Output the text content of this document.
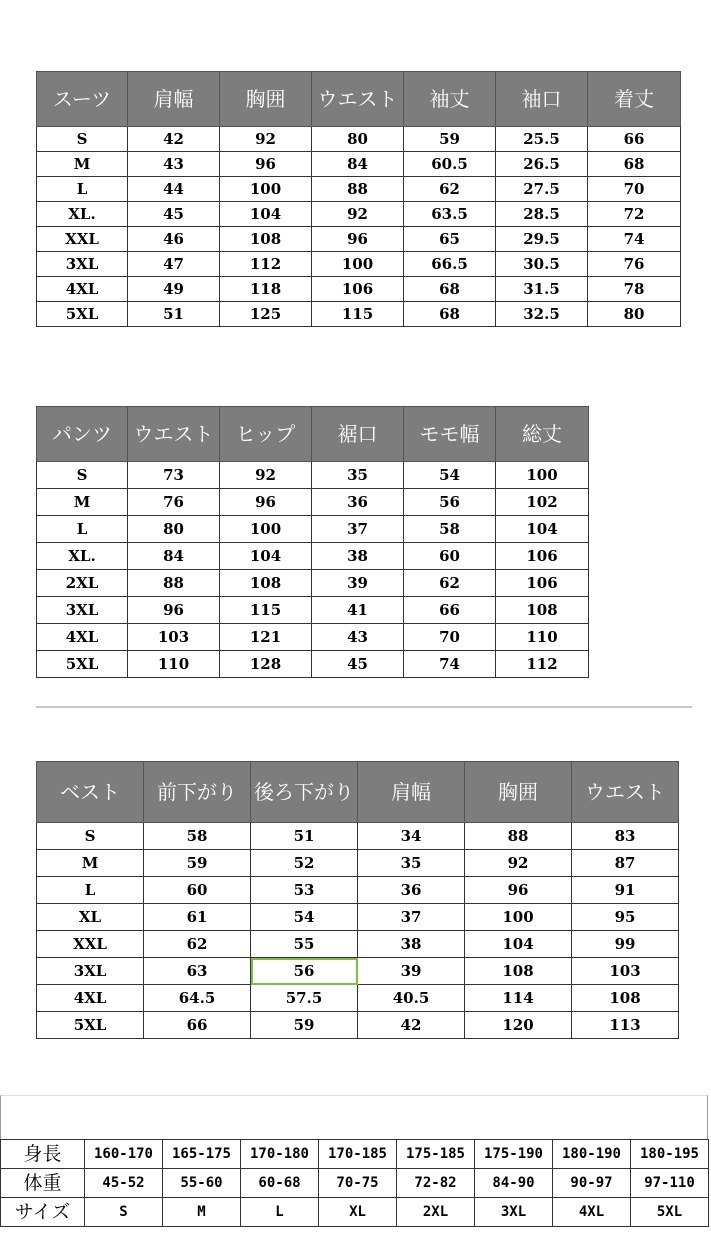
スーツ	肩幅	胸囲	ウエスト	袖丈	袖口	着丈
S	42	92	80	59	25.5	66
M	43	96	84	60.5	26.5	68
L	44	100	88	62	27.5	70
XL.	45	104	92	63.5	28.5	72
XXL	46	108	96	65	29.5	74
3XL	47	112	100	66.5	30.5	76
4XL	49	118	106	68	31.5	78
5XL	51	125	115	68	32.5	80
パンツ	ウエスト	ヒップ	裾口	モモ幅	総丈
S	73	92	35	54	100
M	76	96	36	56	102
L	80	100	37	58	104
XL.	84	104	38	60	106
2XL	88	108	39	62	106
3XL	96	115	41	66	108
4XL	103	121	43	70	110
5XL	110	128	45	74	112
ベスト	前下がり	後ろ下がり	肩幅	胸囲	ウエスト
S	58	51	34	88	83
M	59	52	35	92	87
L	60	53	36	96	91
XL	61	54	37	100	95
XXL	62	55	38	104	99
3XL	63	56	39	108	103
4XL	64.5	57.5	40.5	114	108
5XL	66	59	42	120	113
身長	160-170	165-175	170-180	170-185	175-185	175-190	180-190	180-195
体重	45-52	55-60	60-68	70-75	72-82	84-90	90-97	97-110
サイズ	S	M	L	XL	2XL	3XL	4XL	5XL
